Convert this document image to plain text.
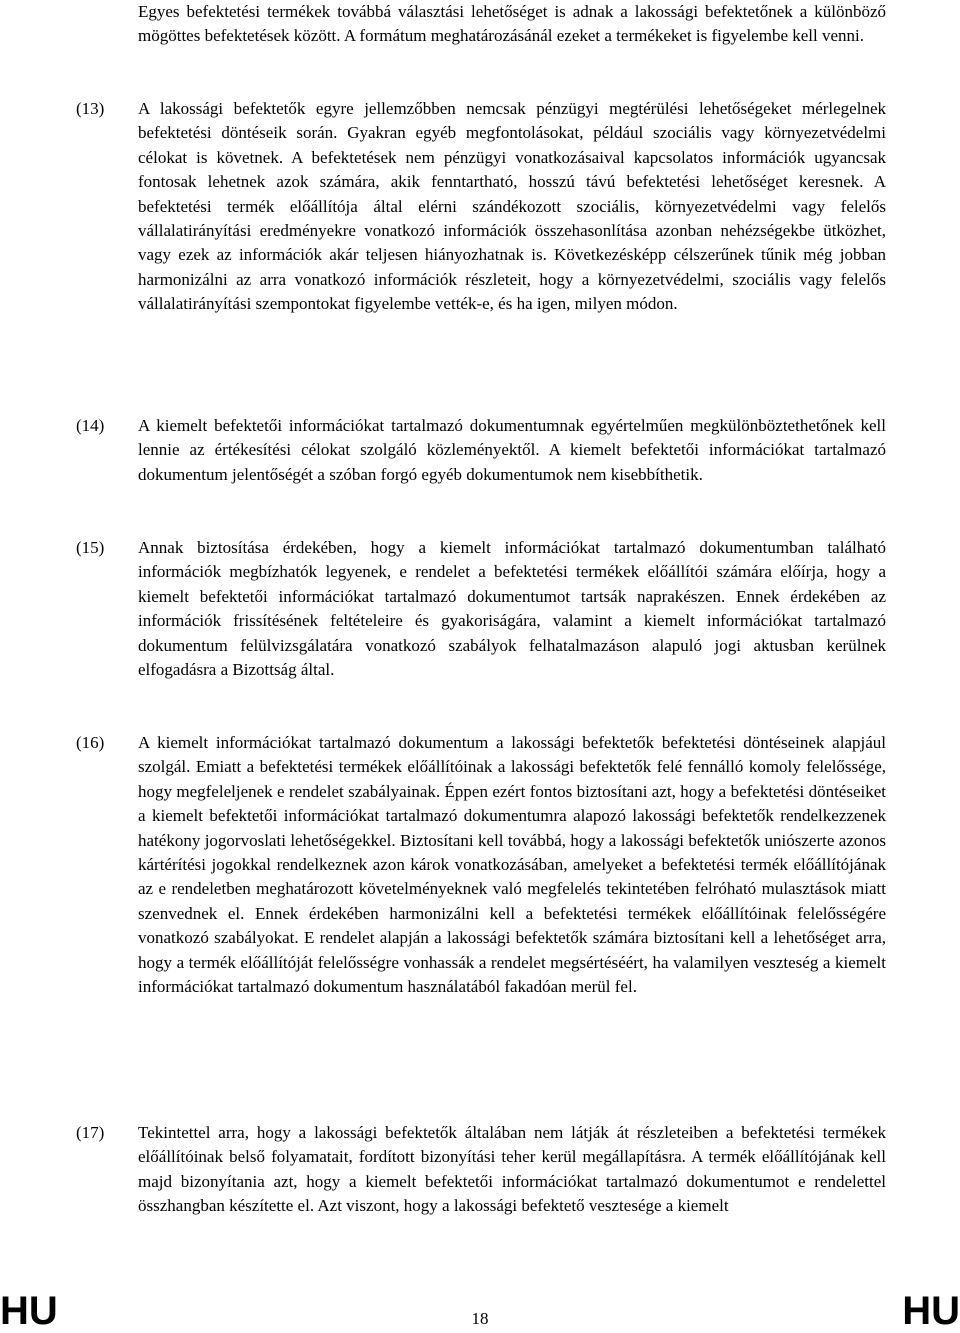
Egyes befektetési termékek továbbá választási lehetőséget is adnak a lakossági befektetőnek a különböző mögöttes befektetések között. A formátum meghatározásánál ezeket a termékeket is figyelembe kell venni.

(13) A lakossági befektetők egyre jellemzőbben nemcsak pénzügyi megtérülési lehetőségeket mérlegelnek befektetési döntéseik során. Gyakran egyéb megfontolásokat, például szociális vagy környezetvédelmi célokat is követnek. A befektetések nem pénzügyi vonatkozásaival kapcsolatos információk ugyancsak fontosak lehetnek azok számára, akik fenntartható, hosszú távú befektetési lehetőséget keresnek. A befektetési termék előállítója által elérni szándékozott szociális, környezetvédelmi vagy felelős vállalatirányítási eredményekre vonatkozó információk összehasonlítása azonban nehézségekbe ütközhet, vagy ezek az információk akár teljesen hiányozhatnak is. Következésképp célszerűnek tűnik még jobban harmonizálni az arra vonatkozó információk részleteit, hogy a környezetvédelmi, szociális vagy felelős vállalatirányítási szempontokat figyelembe vették-e, és ha igen, milyen módon.

(14) A kiemelt befektetői információkat tartalmazó dokumentumnak egyértelműen megkülönböztethetőnek kell lennie az értékesítési célokat szolgáló közleményektől. A kiemelt befektetői információkat tartalmazó dokumentum jelentőségét a szóban forgó egyéb dokumentumok nem kisebbíthetik.

(15) Annak biztosítása érdekében, hogy a kiemelt információkat tartalmazó dokumentumban található információk megbízhatók legyenek, e rendelet a befektetési termékek előállítói számára előírja, hogy a kiemelt befektetői információkat tartalmazó dokumentumot tartsák naprakészen. Ennek érdekében az információk frissítésének feltételeire és gyakoriságára, valamint a kiemelt információkat tartalmazó dokumentum felülvizsgálatára vonatkozó szabályok felhatalmazáson alapuló jogi aktusban kerülnek elfogadásra a Bizottság által.

(16) A kiemelt információkat tartalmazó dokumentum a lakossági befektetők befektetési döntéseinek alapjául szolgál. Emiatt a befektetési termékek előállítóinak a lakossági befektetők felé fennálló komoly felelőssége, hogy megfeleljenek e rendelet szabályainak. Éppen ezért fontos biztosítani azt, hogy a befektetési döntéseiket a kiemelt befektetői információkat tartalmazó dokumentumra alapozó lakossági befektetők rendelkezzenek hatékony jogorvoslati lehetőségekkel. Biztosítani kell továbbá, hogy a lakossági befektetők uniószerte azonos kártérítési jogokkal rendelkeznek azon károk vonatkozásában, amelyeket a befektetési termék előállítójának az e rendeletben meghatározott követelményeknek való megfelelés tekintetében felróható mulasztások miatt szenvednek el. Ennek érdekében harmonizálni kell a befektetési termékek előállítóinak felelősségére vonatkozó szabályokat. E rendelet alapján a lakossági befektetők számára biztosítani kell a lehetőséget arra, hogy a termék előállítóját felelősségre vonhassák a rendelet megsértéséért, ha valamilyen veszteség a kiemelt információkat tartalmazó dokumentum használatából fakadóan merül fel.

(17) Tekintettel arra, hogy a lakossági befektetők általában nem látják át részleteiben a befektetési termékek előállítóinak belső folyamatait, fordított bizonyítási teher kerül megállapításra. A termék előállítójának kell majd bizonyítania azt, hogy a kiemelt befektetői információkat tartalmazó dokumentumot e rendelettel összhangban készítette el. Azt viszont, hogy a lakossági befektető vesztesége a kiemelt

HU	18	HU
